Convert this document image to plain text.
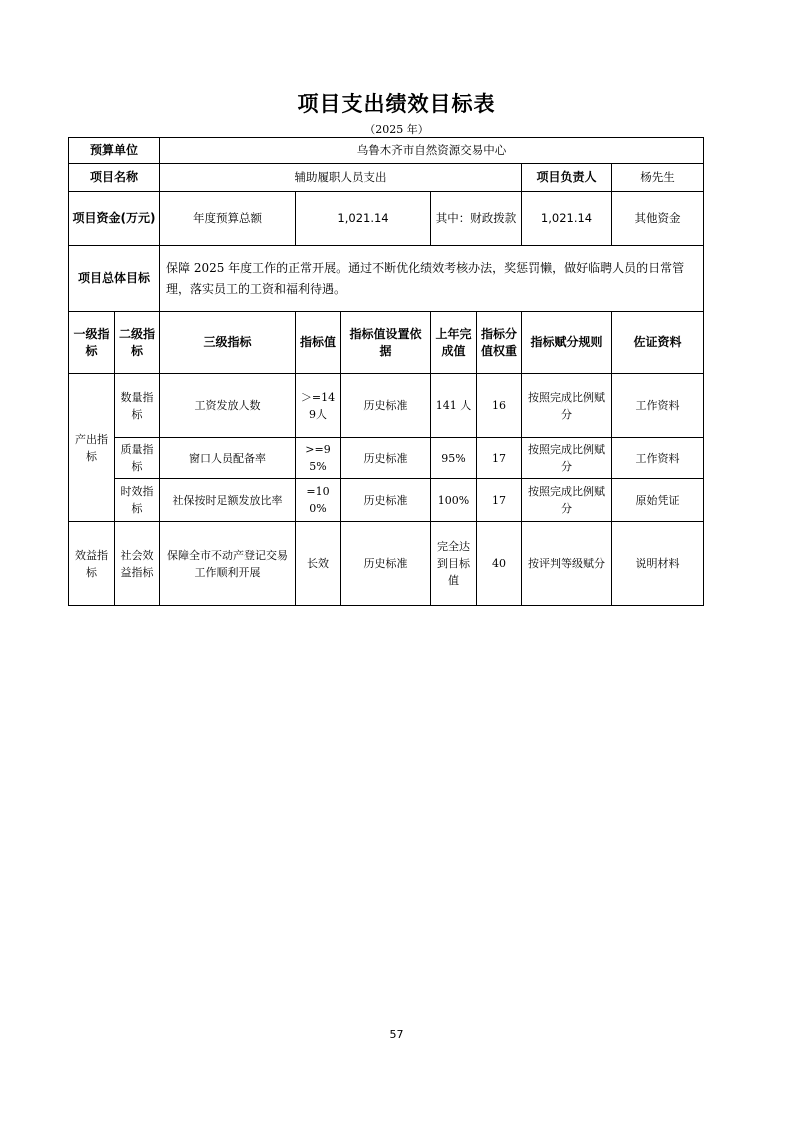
项目支出绩效目标表
（2025 年）
预算单位		乌鲁木齐市自然资源交易中心							
项目名称		辅助履职人员支出					项目负责人	杨先生	
项目资金(万元)		年度预算总额	1,021.14		其中：财政拨款		1,021.14	其他资金	
项目总体目标		保障 2025 年度工作的正常开展。通过不断优化绩效考核办法，奖惩罚懒，做好临聘人员的日常管理，落实员工的工资和福利待遇。							
一级指标	二级指标	三级指标	指标值	指标值设置依据	上年完成值	指标分值权重	指标赋分规则	佐证资料	
产出指标	数量指标	工资发放人数	＞=149人	历史标准	141 人	16	按照完成比例赋分	工作资料	
	质量指标	窗口人员配备率	>=95%	历史标准	95%	17	按照完成比例赋分	工作资料	
	时效指标	社保按时足额发放比率	=100%	历史标准	100%	17	按照完成比例赋分	原始凭证	
效益指标	社会效益指标	保障全市不动产登记交易工作顺利开展	长效	历史标准	完全达到目标值	40	按评判等级赋分	说明材料	
57
